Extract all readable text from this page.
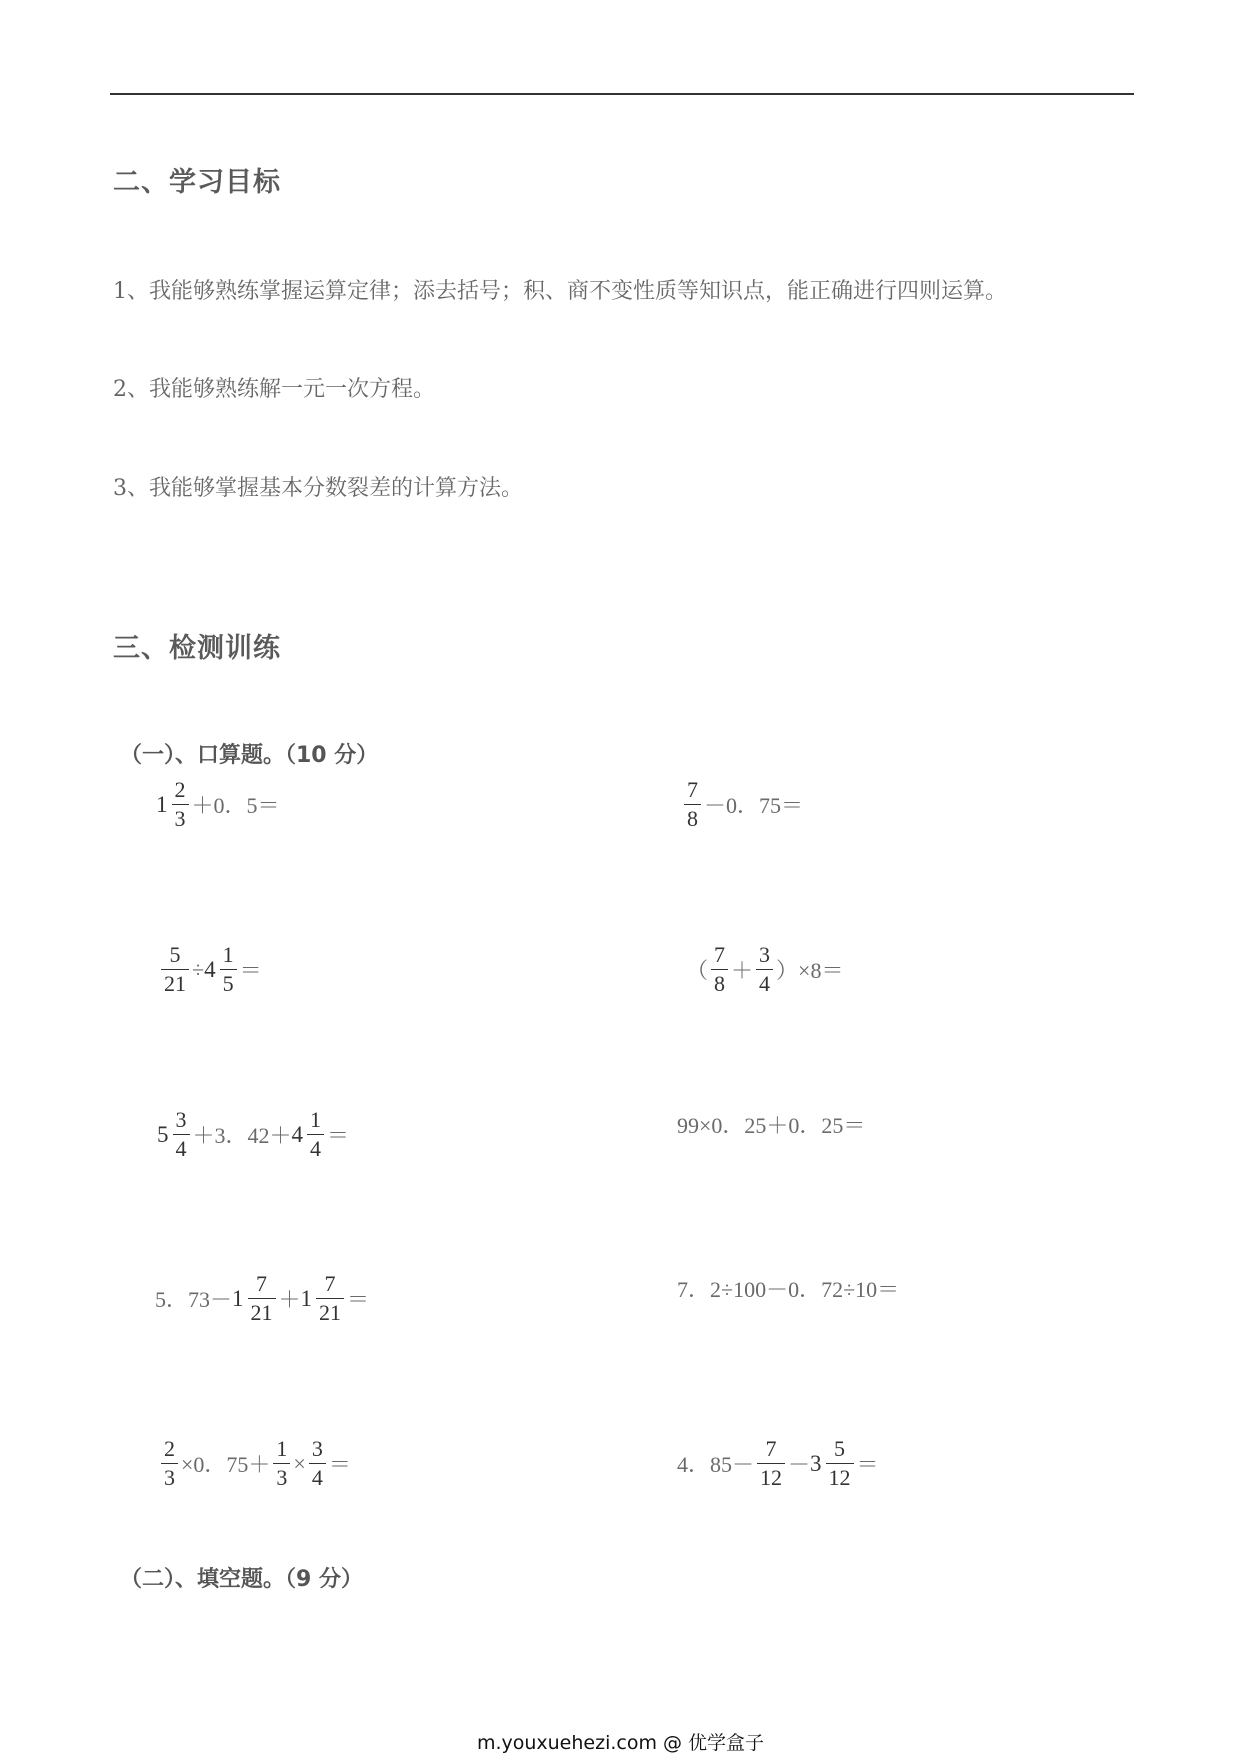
二、学习目标
1、我能够熟练掌握运算定律；添去括号；积、商不变性质等知识点，能正确进行四则运算。
2、我能够熟练解一元一次方程。
3、我能够掌握基本分数裂差的计算方法。
三、检测训练
（一）、口算题。（10 分）
$1 \frac{2}{3} +0$．5＝	$\frac{7}{8} -0$．75＝
$\frac{5}{21} \div 4 \frac{1}{5}$ ＝	（ $\frac{7}{8} + \frac{3}{4} )\times 8=$
$5 \frac{3}{4} +3$．$42+ 4 \frac{1}{4}$ ＝	99×0．25＋0．25＝
5．$73- 1 \frac{7}{21} + 1 \frac{7}{21}$ ＝	7．2÷100－0．72÷10＝
$\frac{2}{3} \times 0$．$75+ \frac{1}{3} \times \frac{3}{4}$ ＝	4．$85- \frac{7}{12} - 3 \frac{5}{12}$ ＝
（二）、填空题。（9 分）
m.youxuehezi.com @ 优学盒子
